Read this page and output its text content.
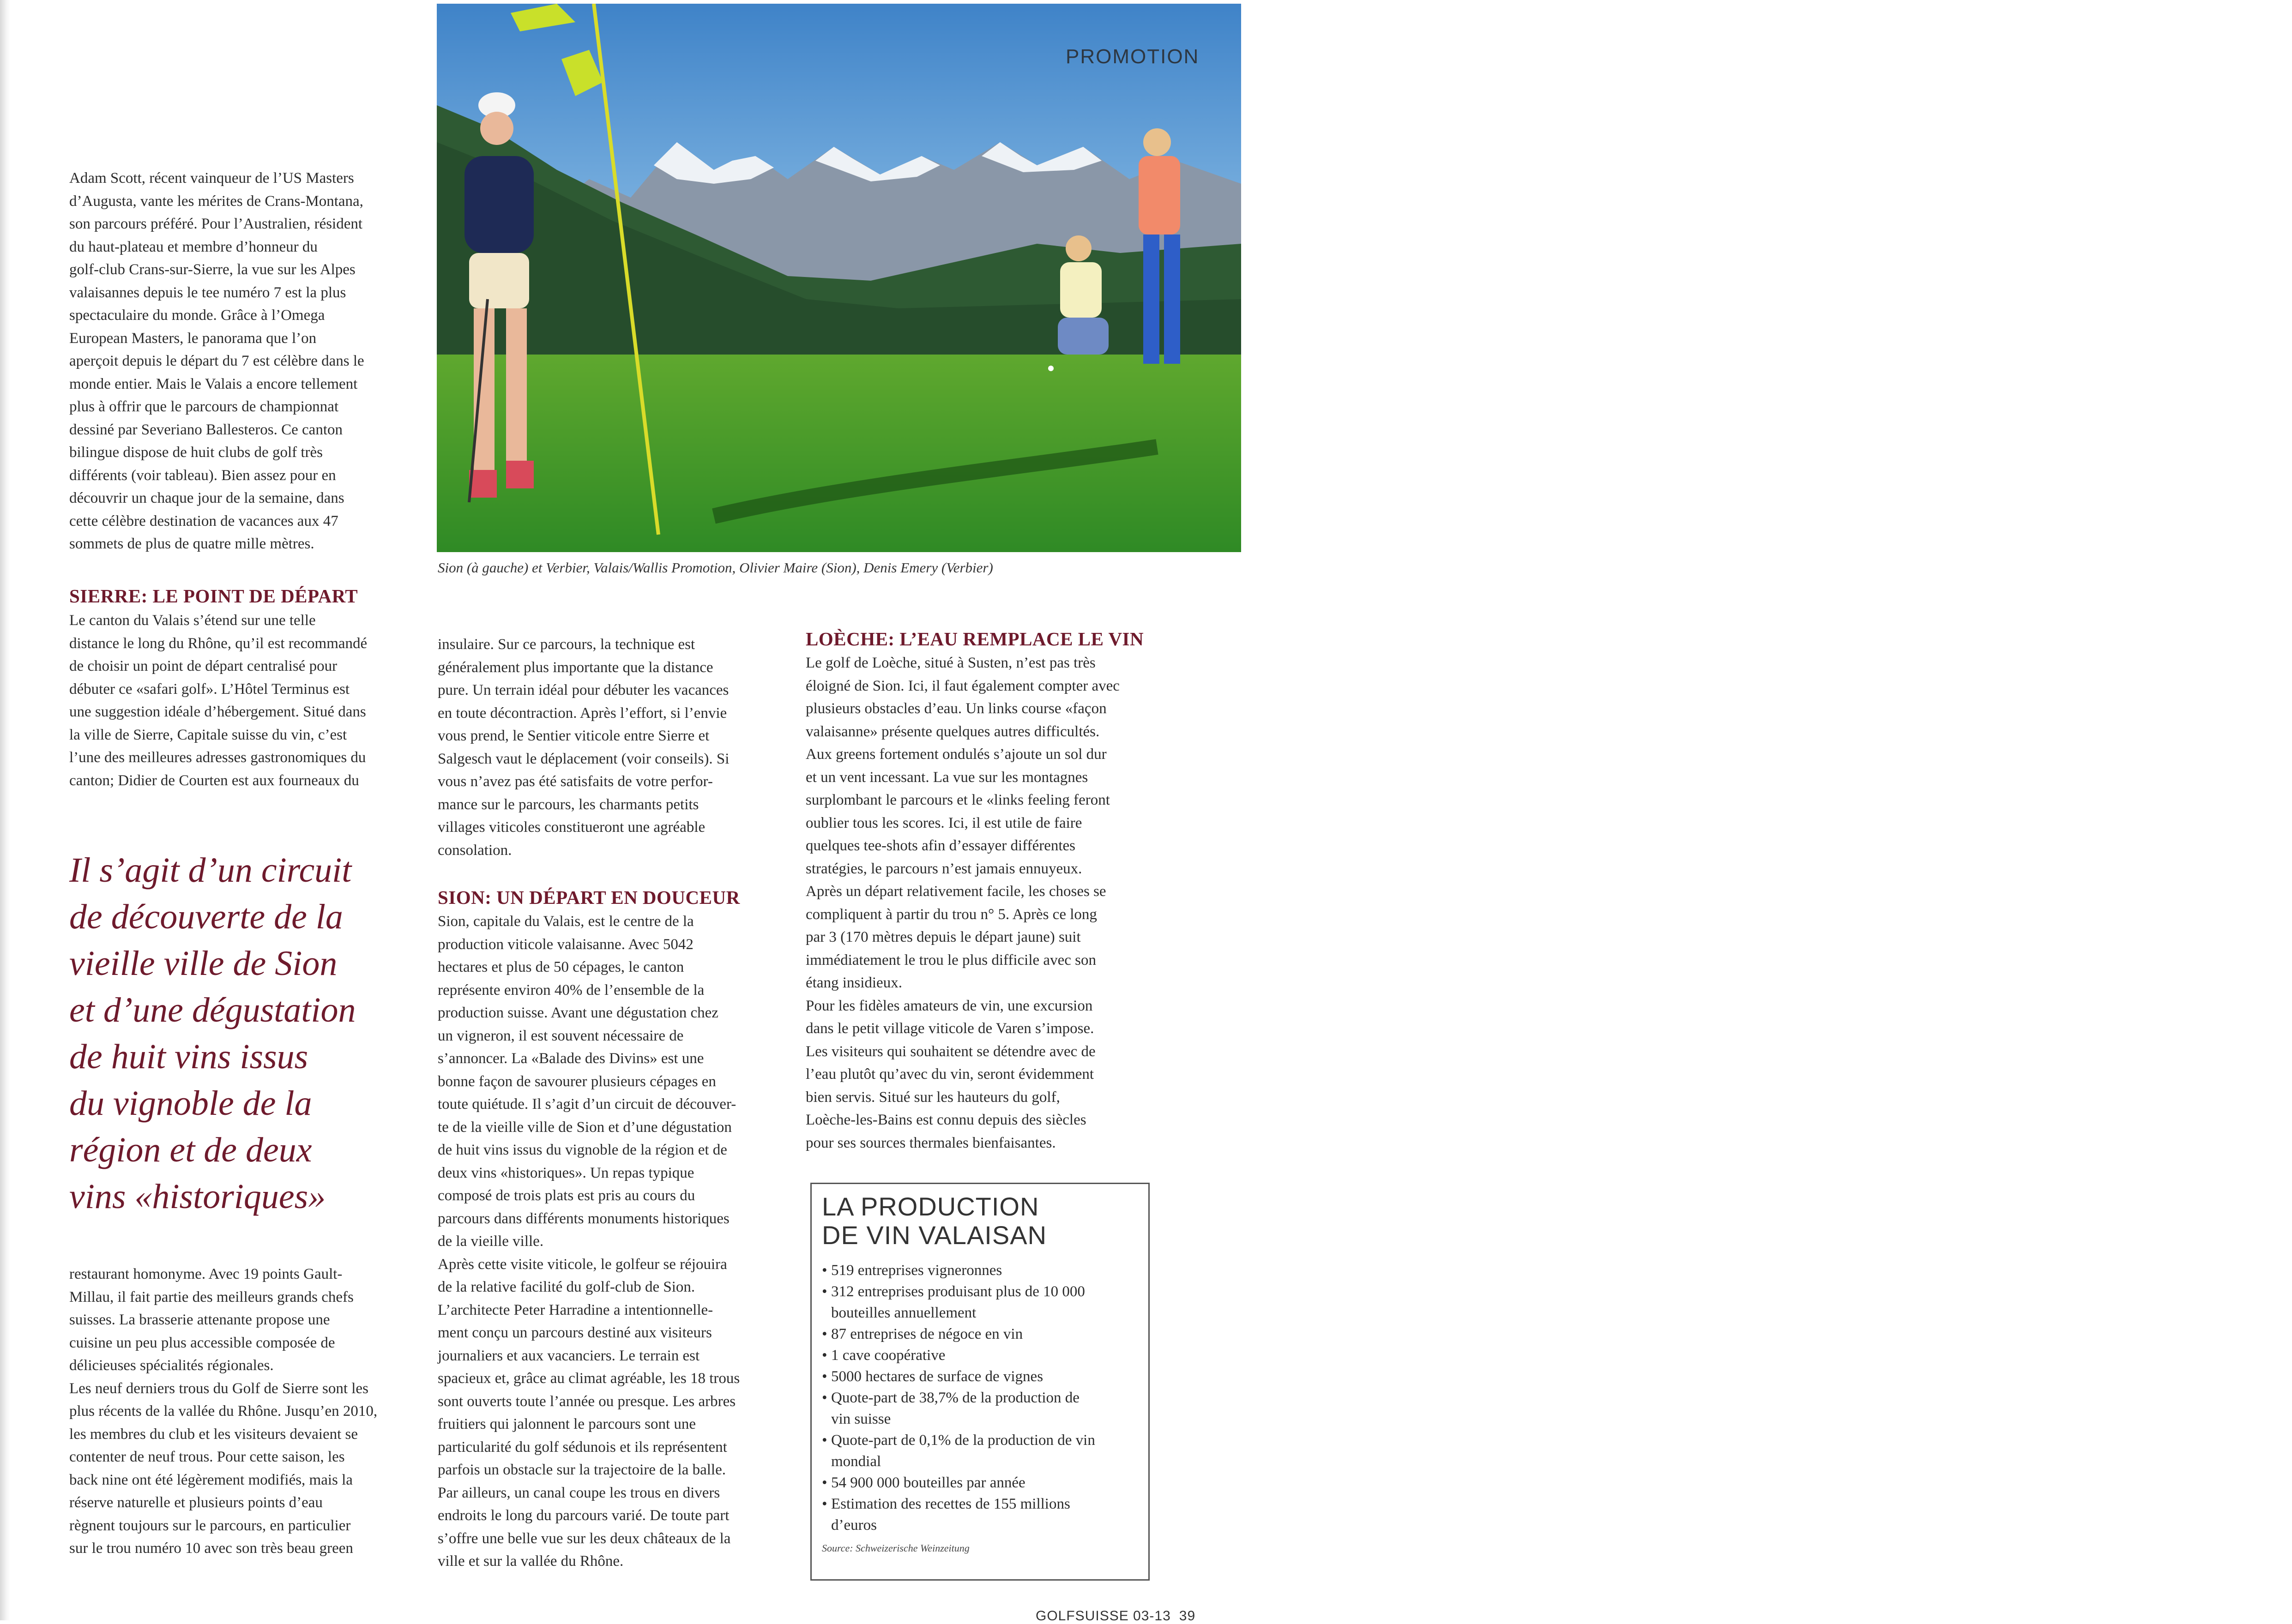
PROMOTION
Sion (à gauche) et Verbier, Valais/Wallis Promotion, Olivier Maire (Sion), Denis Emery (Verbier)
Adam Scott, récent vainqueur de l’US Masters
d’Augusta, vante les mérites de Crans-Montana,
son parcours préféré. Pour l’Australien, résident
du haut-plateau et membre d’honneur du
golf-club Crans-sur-Sierre, la vue sur les Alpes
valaisannes depuis le tee numéro 7 est la plus
spectaculaire du monde. Grâce à l’Omega
European Masters, le panorama que l’on
aperçoit depuis le départ du 7 est célèbre dans le
monde entier. Mais le Valais a encore tellement
plus à offrir que le parcours de championnat
dessiné par Severiano Ballesteros. Ce canton
bilingue dispose de huit clubs de golf très
différents (voir tableau). Bien assez pour en
découvrir un chaque jour de la semaine, dans
cette célèbre destination de vacances aux 47
sommets de plus de quatre mille mètres.
SIERRE: LE POINT DE DÉPART
Le canton du Valais s’étend sur une telle
distance le long du Rhône, qu’il est recommandé
de choisir un point de départ centralisé pour
débuter ce «safari golf». L’Hôtel Terminus est
une suggestion idéale d’hébergement. Situé dans
la ville de Sierre, Capitale suisse du vin, c’est
l’une des meilleures adresses gastronomiques du
canton; Didier de Courten est aux fourneaux du
Il s’agit d’un circuit
de découverte de la
vieille ville de Sion
et d’une dégustation
de huit vins issus
du vignoble de la
région et de deux
vins «historiques»
restaurant homonyme. Avec 19 points Gault-
Millau, il fait partie des meilleurs grands chefs
suisses. La brasserie attenante propose une
cuisine un peu plus accessible composée de
délicieuses spécialités régionales.
Les neuf derniers trous du Golf de Sierre sont les
plus récents de la vallée du Rhône. Jusqu’en 2010,
les membres du club et les visiteurs devaient se
contenter de neuf trous. Pour cette saison, les
back nine ont été légèrement modifiés, mais la
réserve naturelle et plusieurs points d’eau
règnent toujours sur le parcours, en particulier
sur le trou numéro 10 avec son très beau green
insulaire. Sur ce parcours, la technique est
généralement plus importante que la distance
pure. Un terrain idéal pour débuter les vacances
en toute décontraction. Après l’effort, si l’envie
vous prend, le Sentier viticole entre Sierre et
Salgesch vaut le déplacement (voir conseils). Si
vous n’avez pas été satisfaits de votre perfor-
mance sur le parcours, les charmants petits
villages viticoles constitueront une agréable
consolation.
SION: UN DÉPART EN DOUCEUR
Sion, capitale du Valais, est le centre de la
production viticole valaisanne. Avec 5042
hectares et plus de 50 cépages, le canton
représente environ 40% de l’ensemble de la
production suisse. Avant une dégustation chez
un vigneron, il est souvent nécessaire de
s’annoncer. La «Balade des Divins» est une
bonne façon de savourer plusieurs cépages en
toute quiétude. Il s’agit d’un circuit de découver-
te de la vieille ville de Sion et d’une dégustation
de huit vins issus du vignoble de la région et de
deux vins «historiques». Un repas typique
composé de trois plats est pris au cours du
parcours dans différents monuments historiques
de la vieille ville.
Après cette visite viticole, le golfeur se réjouira
de la relative facilité du golf-club de Sion.
L’architecte Peter Harradine a intentionnelle-
ment conçu un parcours destiné aux visiteurs
journaliers et aux vacanciers. Le terrain est
spacieux et, grâce au climat agréable, les 18 trous
sont ouverts toute l’année ou presque. Les arbres
fruitiers qui jalonnent le parcours sont une
particularité du golf sédunois et ils représentent
parfois un obstacle sur la trajectoire de la balle.
Par ailleurs, un canal coupe les trous en divers
endroits le long du parcours varié. De toute part
s’offre une belle vue sur les deux châteaux de la
ville et sur la vallée du Rhône.
LOÈCHE: L’EAU REMPLACE LE VIN
Le golf de Loèche, situé à Susten, n’est pas très
éloigné de Sion. Ici, il faut également compter avec
plusieurs obstacles d’eau. Un links course «façon
valaisanne» présente quelques autres difficultés.
Aux greens fortement ondulés s’ajoute un sol dur
et un vent incessant. La vue sur les montagnes
surplombant le parcours et le «links feeling feront
oublier tous les scores. Ici, il est utile de faire
quelques tee-shots afin d’essayer différentes
stratégies, le parcours n’est jamais ennuyeux.
Après un départ relativement facile, les choses se
compliquent à partir du trou n° 5. Après ce long
par 3 (170 mètres depuis le départ jaune) suit
immédiatement le trou le plus difficile avec son
étang insidieux.
Pour les fidèles amateurs de vin, une excursion
dans le petit village viticole de Varen s’impose.
Les visiteurs qui souhaitent se détendre avec de
l’eau plutôt qu’avec du vin, seront évidemment
bien servis. Situé sur les hauteurs du golf,
Loèche-les-Bains est connu depuis des siècles
pour ses sources thermales bienfaisantes.
LA PRODUCTION
DE VIN VALAISAN
• 519 entreprises vigneronnes
• 312 entreprises produisant plus de 10 000
bouteilles annuellement
• 87 entreprises de négoce en vin
• 1 cave coopérative
• 5000 hectares de surface de vignes
• Quote-part de 38,7% de la production de
vin suisse
• Quote-part de 0,1% de la production de vin
mondial
• 54 900 000 bouteilles par année
• Estimation des recettes de 155 millions
d’euros
Source: Schweizerische Weinzeitung
GOLFSUISSE 03-13 39
